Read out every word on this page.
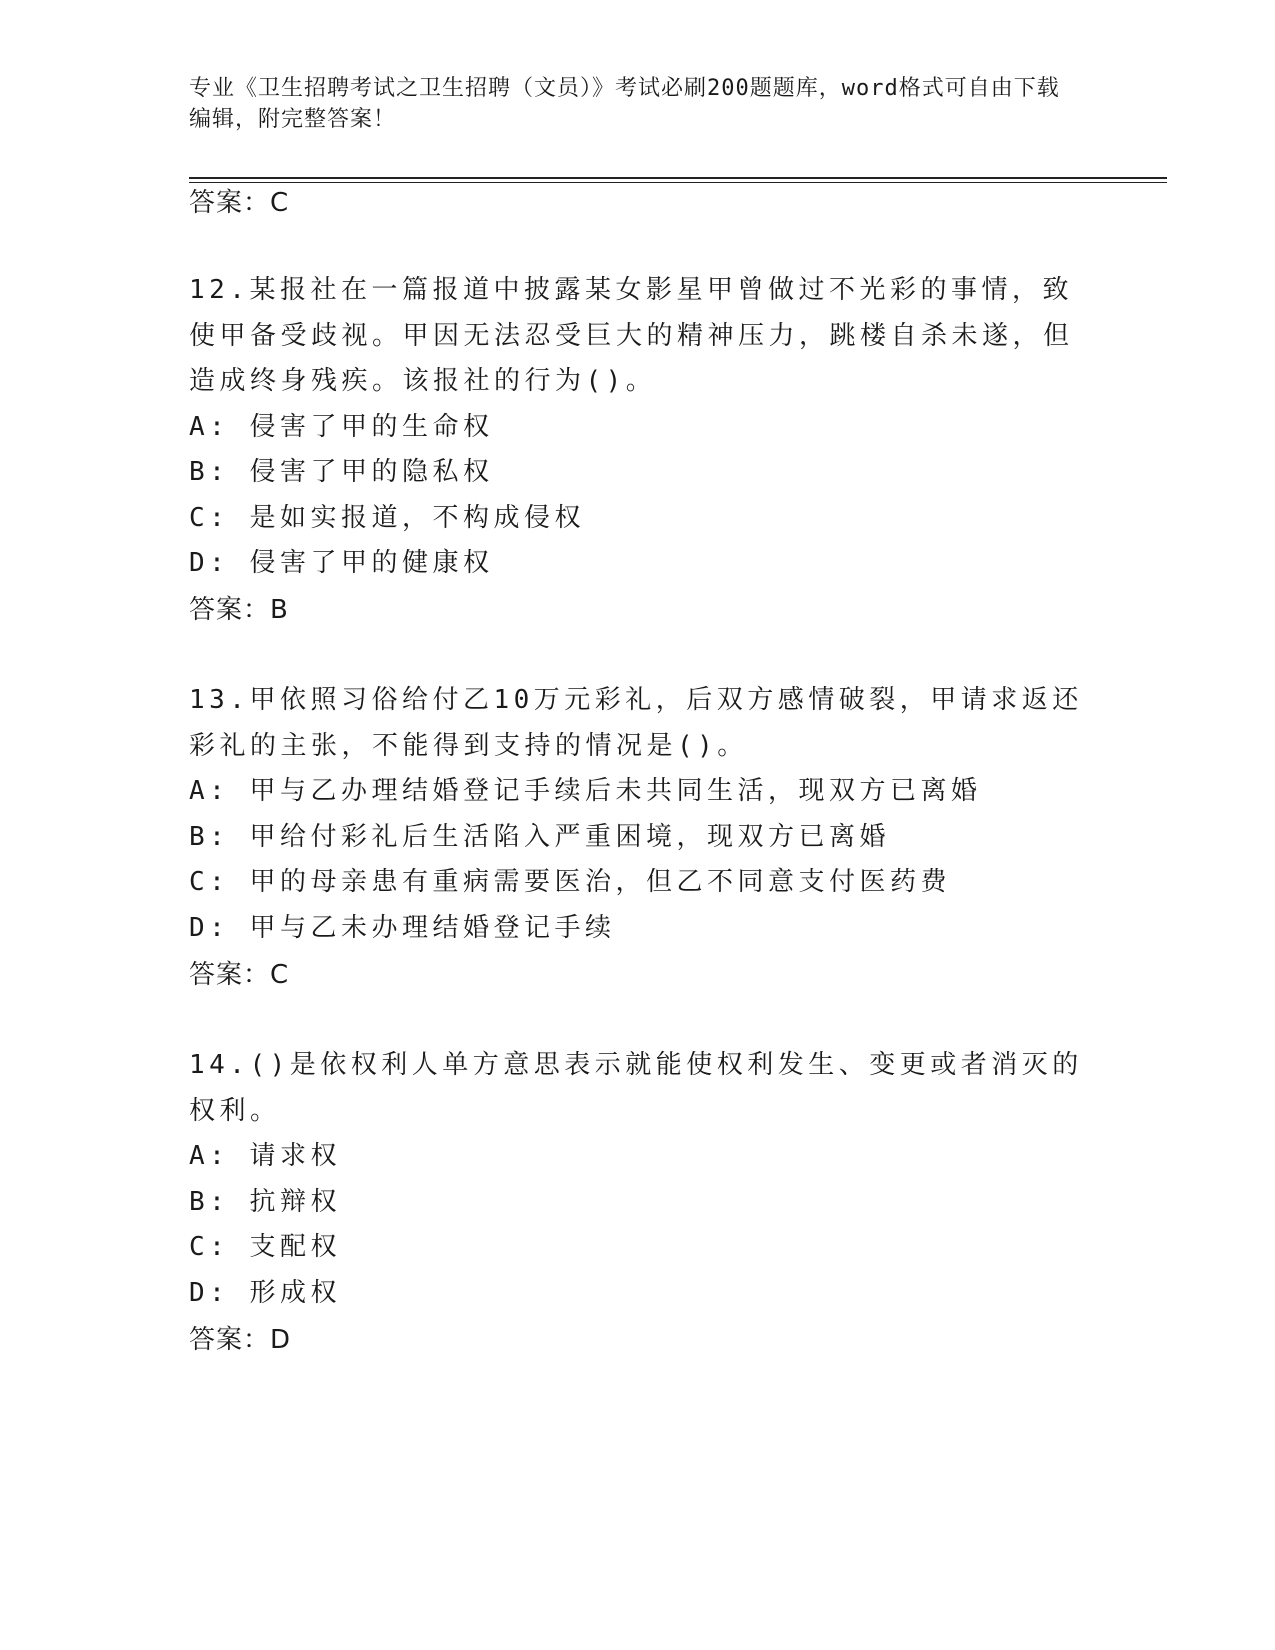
专业《卫生招聘考试之卫生招聘（文员）》考试必刷200题题库，word格式可自由下载编辑，附完整答案！
答案：C
12.某报社在一篇报道中披露某女影星甲曾做过不光彩的事情，致使甲备受歧视。甲因无法忍受巨大的精神压力，跳楼自杀未遂，但造成终身残疾。该报社的行为()。
A: 侵害了甲的生命权
B: 侵害了甲的隐私权
C: 是如实报道，不构成侵权
D: 侵害了甲的健康权
答案：B
13.甲依照习俗给付乙10万元彩礼，后双方感情破裂，甲请求返还彩礼的主张，不能得到支持的情况是()。
A: 甲与乙办理结婚登记手续后未共同生活，现双方已离婚
B: 甲给付彩礼后生活陷入严重困境，现双方已离婚
C: 甲的母亲患有重病需要医治，但乙不同意支付医药费
D: 甲与乙未办理结婚登记手续
答案：C
14.()是依权利人单方意思表示就能使权利发生、变更或者消灭的权利。
A: 请求权
B: 抗辩权
C: 支配权
D: 形成权
答案：D
